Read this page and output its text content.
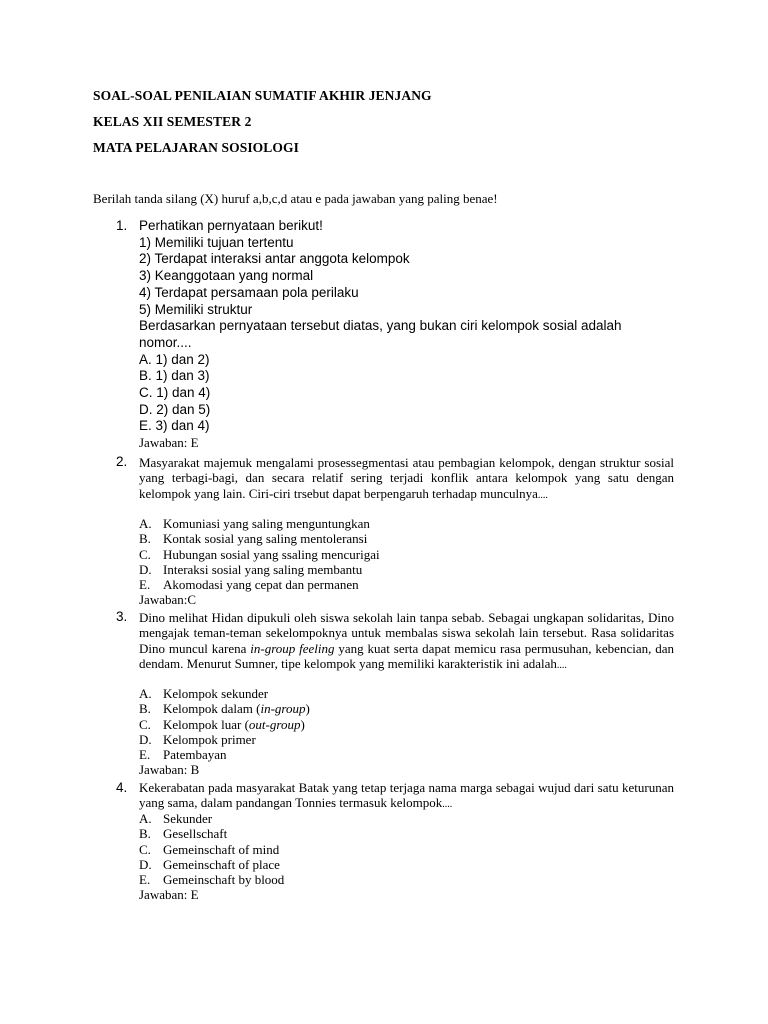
SOAL-SOAL PENILAIAN SUMATIF AKHIR JENJANG
KELAS XII SEMESTER 2
MATA PELAJARAN SOSIOLOGI
Berilah tanda silang (X) huruf a,b,c,d atau e pada jawaban yang paling benae!
1. Perhatikan pernyataan berikut!
1) Memiliki tujuan tertentu
2) Terdapat interaksi antar anggota kelompok
3) Keanggotaan yang normal
4) Terdapat persamaan pola perilaku
5) Memiliki struktur
Berdasarkan pernyataan tersebut diatas, yang bukan ciri kelompok sosial adalah
nomor....
A. 1) dan 2)
B. 1) dan 3)
C. 1) dan 4)
D. 2) dan 5)
E. 3) dan 4)
Jawaban: E
2. Masyarakat majemuk mengalami prosessegmentasi atau pembagian kelompok, dengan struktur sosial yang terbagi-bagi, dan secara relatif sering terjadi konflik antara kelompok yang satu dengan kelompok yang lain. Ciri-ciri trsebut dapat berpengaruh terhadap munculnya....
A. Komuniasi yang saling menguntungkan
B. Kontak sosial yang saling mentoleransi
C. Hubungan sosial yang ssaling mencurigai
D. Interaksi sosial yang saling membantu
E. Akomodasi yang cepat dan permanen
Jawaban:C
3. Dino melihat Hidan dipukuli oleh siswa sekolah lain tanpa sebab. Sebagai ungkapan solidaritas, Dino mengajak teman-teman sekelompoknya untuk membalas siswa sekolah lain tersebut. Rasa solidaritas Dino muncul karena in-group feeling yang kuat serta dapat memicu rasa permusuhan, kebencian, dan dendam. Menurut Sumner, tipe kelompok yang memiliki karakteristik ini adalah....
A. Kelompok sekunder
B. Kelompok dalam (in-group)
C. Kelompok luar (out-group)
D. Kelompok primer
E. Patembayan
Jawaban: B
4. Kekerabatan pada masyarakat Batak yang tetap terjaga nama marga sebagai wujud dari satu keturunan yang sama, dalam pandangan Tonnies termasuk kelompok....
A. Sekunder
B. Gesellschaft
C. Gemeinschaft of mind
D. Gemeinschaft of place
E. Gemeinschaft by blood
Jawaban: E
